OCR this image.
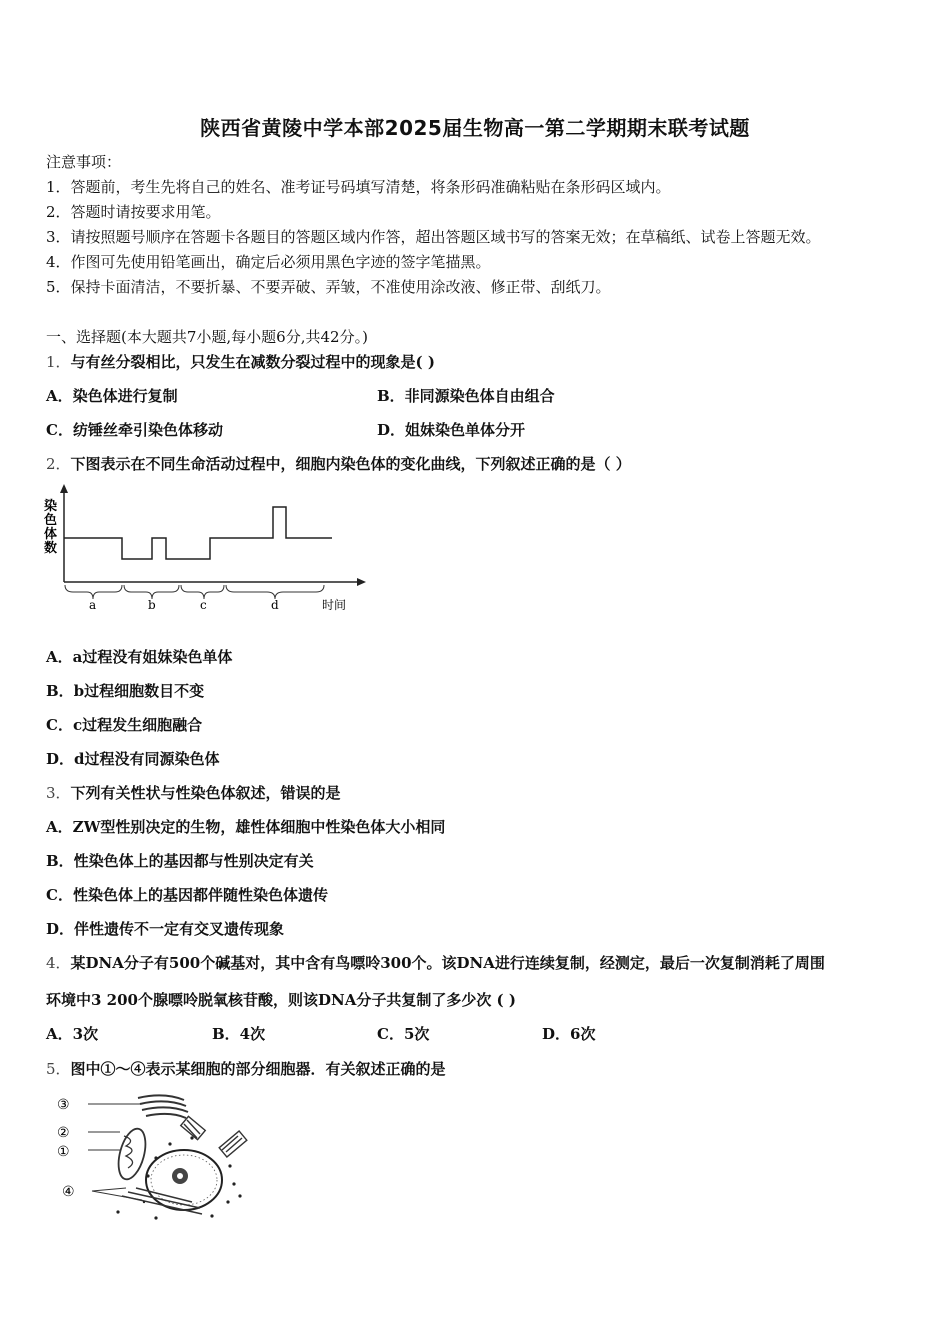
陕西省黄陵中学本部2025届生物高一第二学期期末联考试题
注意事项：
1．答题前，考生先将自己的姓名、准考证号码填写清楚，将条形码准确粘贴在条形码区域内。
2．答题时请按要求用笔。
3．请按照题号顺序在答题卡各题目的答题区域内作答，超出答题区域书写的答案无效；在草稿纸、试卷上答题无效。
4．作图可先使用铅笔画出，确定后必须用黑色字迹的签字笔描黑。
5．保持卡面清洁，不要折暴、不要弄破、弄皱，不准使用涂改液、修正带、刮纸刀。
一、选择题(本大题共7小题,每小题6分,共42分。)
1．与有丝分裂相比，只发生在减数分裂过程中的现象是( )
A．染色体进行复制	B．非同源染色体自由组合
C．纺锤丝牵引染色体移动	D．姐妹染色单体分开
2．下图表示在不同生命活动过程中，细胞内染色体的变化曲线，下列叙述正确的是（ ）
染
色
体
数
a	b	c	d	时间
A．a过程没有姐妹染色单体
B．b过程细胞数目不变
C．c过程发生细胞融合
D．d过程没有同源染色体
3．下列有关性状与性染色体叙述，错误的是
A．ZW型性别决定的生物，雄性体细胞中性染色体大小相同
B．性染色体上的基因都与性别决定有关
C．性染色体上的基因都伴随性染色体遗传
D．伴性遗传不一定有交叉遗传现象
4．某DNA分子有500个碱基对，其中含有鸟嘌呤300个。该DNA进行连续复制，经测定，最后一次复制消耗了周围
环境中3 200个腺嘌呤脱氧核苷酸，则该DNA分子共复制了多少次 ( )
A．3次	B．4次	C．5次	D．6次
5．图中①～④表示某细胞的部分细胞器．有关叙述正确的是
③
②
①
④
